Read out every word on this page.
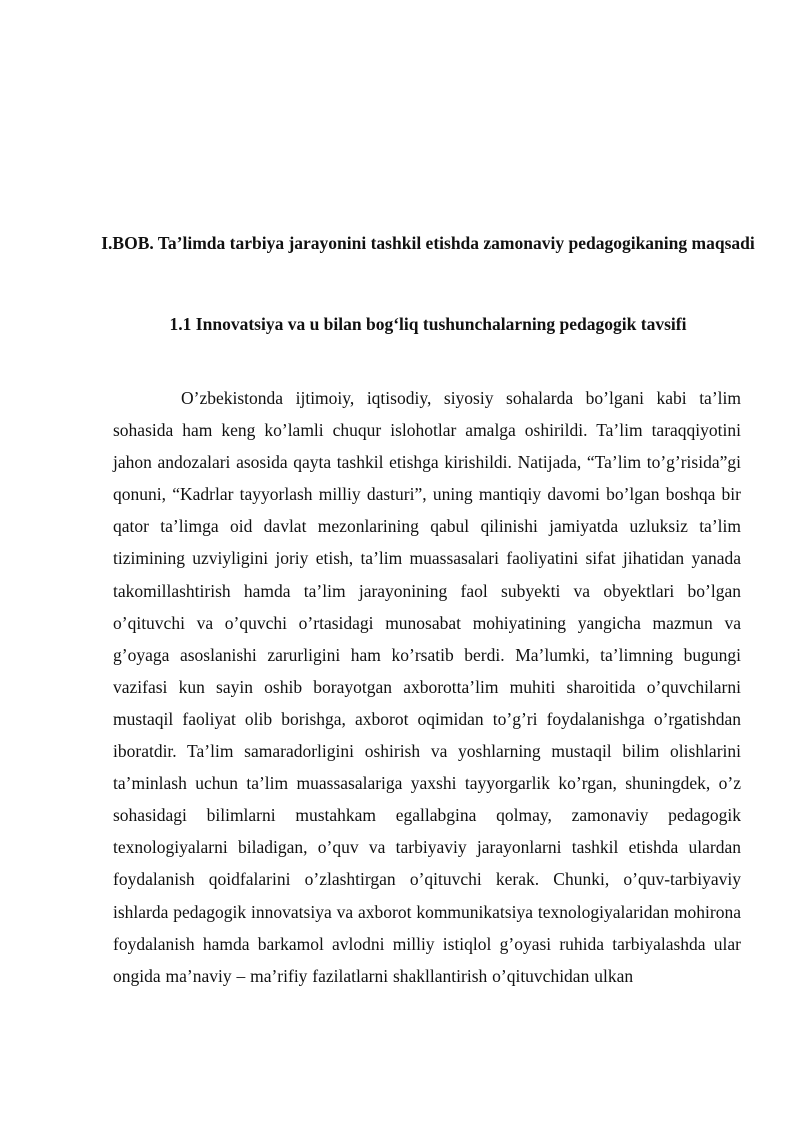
I.BOB. Ta’limda tarbiya jarayonini tashkil etishda zamonaviy pedagogikaning maqsadi
1.1 Innovatsiya va u bilan bog‘liq tushunchalarning pedagogik tavsifi

O’zbekistonda ijtimoiy, iqtisodiy, siyosiy sohalarda bo’lgani kabi ta’lim sohasida ham keng ko’lamli chuqur islohotlar amalga oshirildi. Ta’lim taraqqiyotini jahon andozalari asosida qayta tashkil etishga kirishildi. Natijada, “Ta’lim to’g’risida”gi qonuni, “Kadrlar tayyorlash milliy dasturi”, uning mantiqiy davomi bo’lgan boshqa bir qator ta’limga oid davlat mezonlarining qabul qilinishi jamiyatda uzluksiz ta’lim tizimining uzviyligini joriy etish, ta’lim muassasalari faoliyatini sifat jihatidan yanada takomillashtirish hamda ta’lim jarayonining faol subyekti va obyektlari bo’lgan o’qituvchi va o’quvchi o’rtasidagi munosabat mohiyatining yangicha mazmun va g’oyaga asoslanishi zarurligini ham ko’rsatib berdi. Ma’lumki, ta’limning bugungi vazifasi kun sayin oshib borayotgan axborotta’lim muhiti sharoitida o’quvchilarni mustaqil faoliyat olib borishga, axborot oqimidan to’g’ri foydalanishga o’rgatishdan iboratdir. Ta’lim samaradorligini oshirish va yoshlarning mustaqil bilim olishlarini ta’minlash uchun ta’lim muassasalariga yaxshi tayyorgarlik ko’rgan, shuningdek, o’z sohasidagi bilimlarni mustahkam egallabgina qolmay, zamonaviy pedagogik texnologiyalarni biladigan, o’quv va tarbiyaviy jarayonlarni tashkil etishda ulardan foydalanish qoidfalarini o’zlashtirgan o’qituvchi kerak. Chunki, o’quv-tarbiyaviy ishlarda pedagogik innovatsiya va axborot kommunikatsiya texnologiyalaridan mohirona foydalanish hamda barkamol avlodni milliy istiqlol g’oyasi ruhida tarbiyalashda ular ongida ma’naviy – ma’rifiy fazilatlarni shakllantirish o’qituvchidan ulkan
